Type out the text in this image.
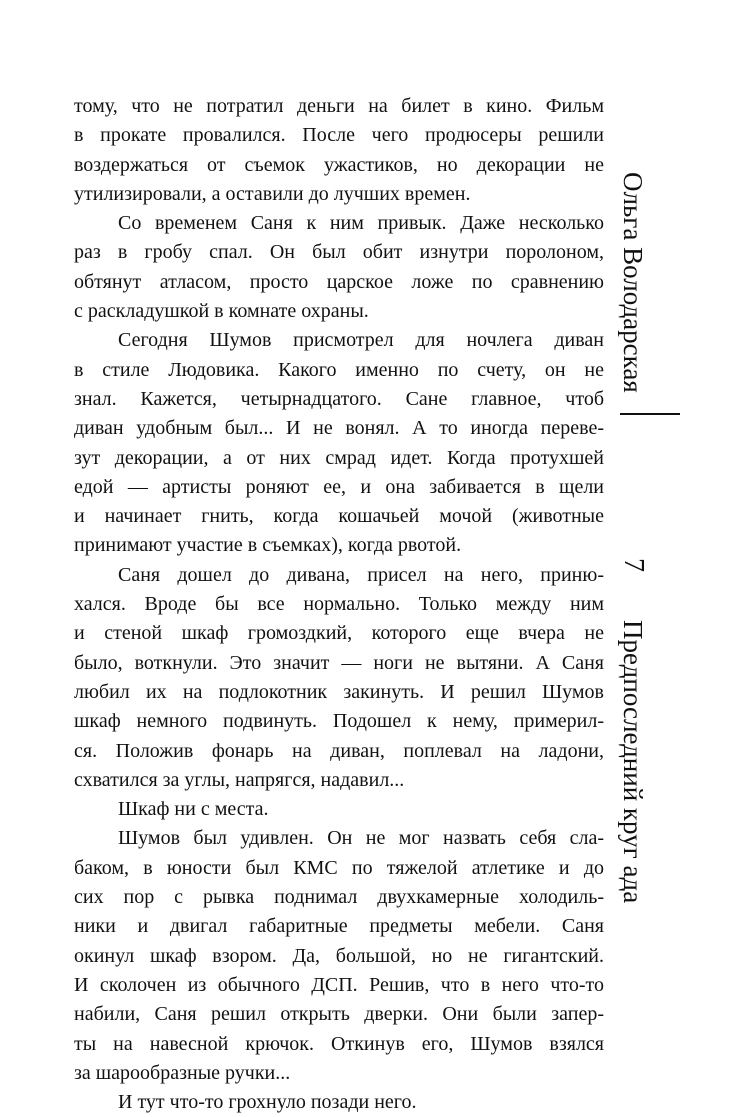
тому, что не потратил деньги на билет в кино. Фильм
в прокате провалился. После чего продюсеры решили
воздержаться от съемок ужастиков, но декорации не
утилизировали, а оставили до лучших времен.
Со временем Саня к ним привык. Даже несколько
раз в гробу спал. Он был обит изнутри поролоном,
обтянут атласом, просто царское ложе по сравнению
с раскладушкой в комнате охраны.
Сегодня Шумов присмотрел для ночлега диван
в стиле Людовика. Какого именно по счету, он не
знал. Кажется, четырнадцатого. Сане главное, чтоб
диван удобным был... И не вонял. А то иногда переве-
зут декорации, а от них смрад идет. Когда протухшей
едой — артисты роняют ее, и она забивается в щели
и начинает гнить, когда кошачьей мочой (животные
принимают участие в съемках), когда рвотой.
Саня дошел до дивана, присел на него, приню-
хался. Вроде бы все нормально. Только между ним
и стеной шкаф громоздкий, которого еще вчера не
было, воткнули. Это значит — ноги не вытяни. А Саня
любил их на подлокотник закинуть. И решил Шумов
шкаф немного подвинуть. Подошел к нему, примерил-
ся. Положив фонарь на диван, поплевал на ладони,
схватился за углы, напрягся, надавил...
Шкаф ни с места.
Шумов был удивлен. Он не мог назвать себя сла-
баком, в юности был КМС по тяжелой атлетике и до
сих пор с рывка поднимал двухкамерные холодиль-
ники и двигал габаритные предметы мебели. Саня
окинул шкаф взором. Да, большой, но не гигантский.
И сколочен из обычного ДСП. Решив, что в него что-то
набили, Саня решил открыть дверки. Они были запер-
ты на навесной крючок. Откинув его, Шумов взялся
за шарообразные ручки...
И тут что-то грохнуло позади него.
Ольга Володарская
7
Предпоследний круг ада
